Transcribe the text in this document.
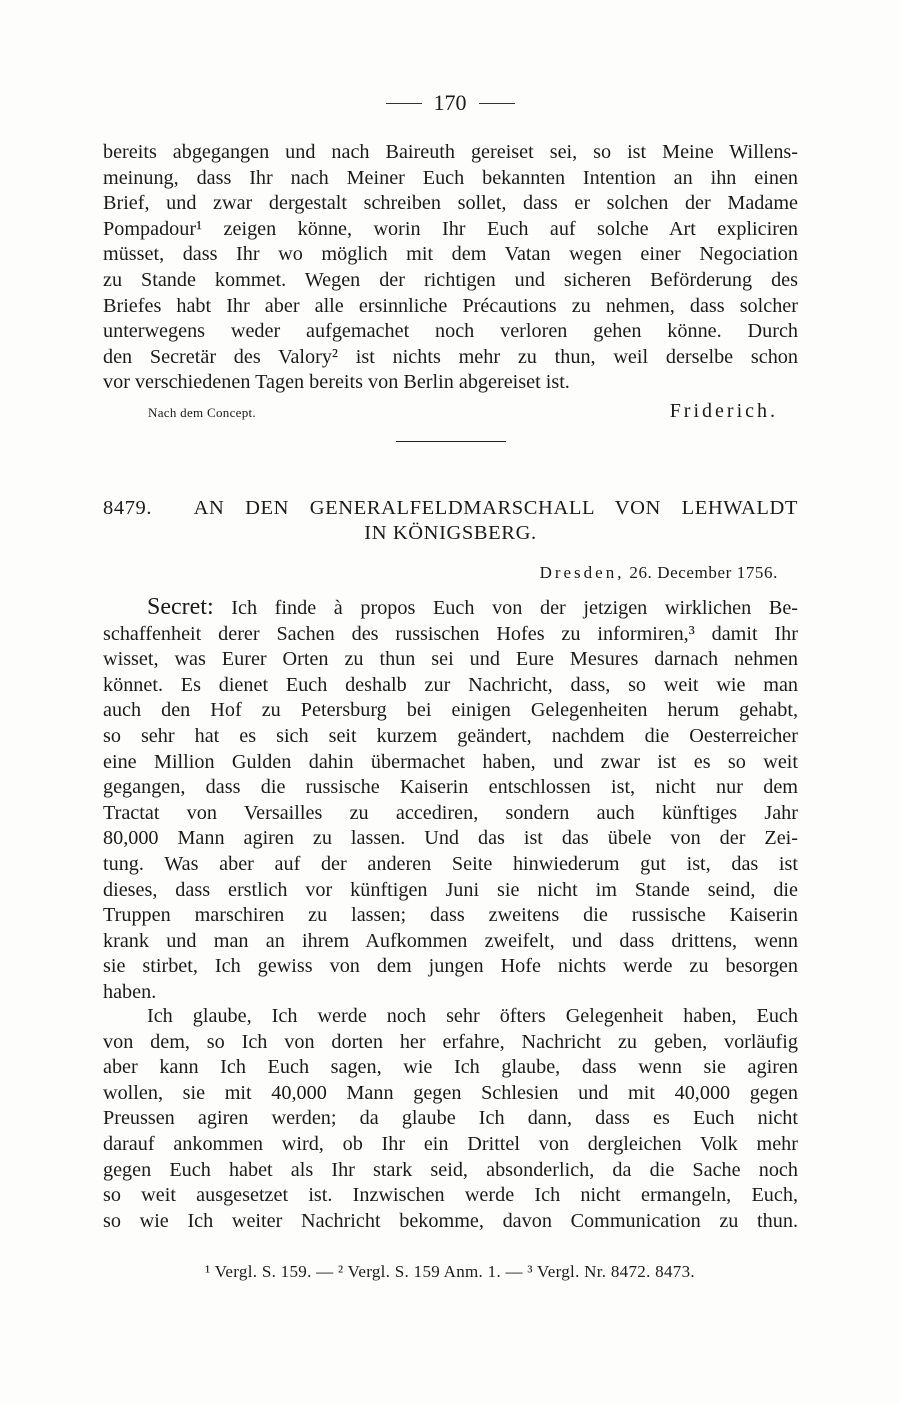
170
bereits abgegangen und nach Baireuth gereiset sei, so ist Meine Willens-
meinung, dass Ihr nach Meiner Euch bekannten Intention an ihn einen
Brief, und zwar dergestalt schreiben sollet, dass er solchen der Madame
Pompadour¹ zeigen könne, worin Ihr Euch auf solche Art expliciren
müsset, dass Ihr wo möglich mit dem Vatan wegen einer Negociation
zu Stande kommet. Wegen der richtigen und sicheren Beförderung des
Briefes habt Ihr aber alle ersinnliche Précautions zu nehmen, dass solcher
unterwegens weder aufgemachet noch verloren gehen könne. Durch
den Secretär des Valory² ist nichts mehr zu thun, weil derselbe schon
vor verschiedenen Tagen bereits von Berlin abgereiset ist.
Nach dem Concept.	Friderich.
8479. AN DEN GENERALFELDMARSCHALL VON LEHWALDT
IN KÖNIGSBERG.
Dresden, 26. December 1756.
Secret: Ich finde à propos Euch von der jetzigen wirklichen Be-
schaffenheit derer Sachen des russischen Hofes zu informiren,³ damit Ihr
wisset, was Eurer Orten zu thun sei und Eure Mesures darnach nehmen
könnet. Es dienet Euch deshalb zur Nachricht, dass, so weit wie man
auch den Hof zu Petersburg bei einigen Gelegenheiten herum gehabt,
so sehr hat es sich seit kurzem geändert, nachdem die Oesterreicher
eine Million Gulden dahin übermachet haben, und zwar ist es so weit
gegangen, dass die russische Kaiserin entschlossen ist, nicht nur dem
Tractat von Versailles zu accediren, sondern auch künftiges Jahr
80,000 Mann agiren zu lassen. Und das ist das übele von der Zei-
tung. Was aber auf der anderen Seite hinwiederum gut ist, das ist
dieses, dass erstlich vor künftigen Juni sie nicht im Stande seind, die
Truppen marschiren zu lassen; dass zweitens die russische Kaiserin
krank und man an ihrem Aufkommen zweifelt, und dass drittens, wenn
sie stirbet, Ich gewiss von dem jungen Hofe nichts werde zu besorgen
haben.
Ich glaube, Ich werde noch sehr öfters Gelegenheit haben, Euch
von dem, so Ich von dorten her erfahre, Nachricht zu geben, vorläufig
aber kann Ich Euch sagen, wie Ich glaube, dass wenn sie agiren
wollen, sie mit 40,000 Mann gegen Schlesien und mit 40,000 gegen
Preussen agiren werden; da glaube Ich dann, dass es Euch nicht
darauf ankommen wird, ob Ihr ein Drittel von dergleichen Volk mehr
gegen Euch habet als Ihr stark seid, absonderlich, da die Sache noch
so weit ausgesetzet ist. Inzwischen werde Ich nicht ermangeln, Euch,
so wie Ich weiter Nachricht bekomme, davon Communication zu thun.
¹ Vergl. S. 159. — ² Vergl. S. 159 Anm. 1. — ³ Vergl. Nr. 8472. 8473.
